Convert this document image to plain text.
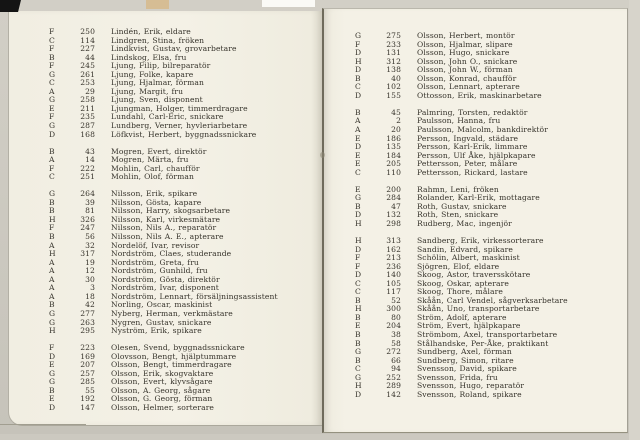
F	250 Lindén, Erik, eldare
C	114 Lindgren, Stina, fröken
F	227 Lindkvist, Gustav, grovarbetare
B	44 Lindskog, Elsa, fru
F	245 Ljung, Filip, bilreparatör
G	261 Ljung, Folke, kapare
C	253 Ljung, Hjalmar, förman
A	29 Ljung, Margit, fru
G	258 Ljung, Sven, disponent
E	211 Ljungman, Holger, timmerdragare
F	235 Lundahl, Carl-Eric, snickare
G	287 Lundberg, Verner, hyvleriarbetare
D	168 Löfkvist, Herbert, byggnadssnickare
B	43 Mogren, Evert, direktör
A	14 Mogren, Märta, fru
F	222 Mohlin, Carl, chaufför
C	251 Mohlin, Olof, förman
G	264 Nilsson, Erik, spikare
B	39 Nilsson, Gösta, kapare
B	81 Nilsson, Harry, skogsarbetare
H	326 Nilsson, Karl, virkesmätare
F	247 Nilsson, Nils A., reparatör
B	56 Nilsson, Nils A. E., apterare
A	32 Nordelöf, Ivar, revisor
H	317 Nordström, Claes, studerande
A	19 Nordström, Greta, fru
A	12 Nordström, Gunhild, fru
A	30 Nordström, Gösta, direktör
A	3 Nordström, Ivar, disponent
A	18 Nordström, Lennart, försäljningsassistent
B	42 Norling, Oscar, maskinist
G	277 Nyberg, Herman, verkmästare
G	263 Nygren, Gustav, snickare
H	295 Nyström, Erik, spikare
F	223 Olesen, Svend, byggnadssnickare
D	169 Olovsson, Bengt, hjälptummare
E	207 Olsson, Bengt, timmerdragare
G	257 Olsson, Erik, skogvaktare
G	285 Olsson, Evert, klyvsågare
B	55 Olsson, A. Georg, sågare
E	192 Olsson, G. Georg, förman
D	147 Olsson, Helmer, sorterare
G	275 Olsson, Herbert, montör
F	233 Olsson, Hjalmar, slipare
D	131 Olsson, Hugo, snickare
H	312 Olsson, John O., snickare
D	138 Olsson, John W., förman
B	40 Olsson, Konrad, chaufför
C	102 Olsson, Lennart, apterare
D	155 Ottosson, Erik, maskinarbetare
B	45 Palmring, Torsten, redaktör
A	2 Paulsson, Hanna, fru
A	20 Paulsson, Malcolm, bankdirektör
E	186 Persson, Ingvald, städare
D	135 Persson, Karl-Erik, limmare
E	184 Persson, Ulf Åke, hjälpkapare
E	205 Pettersson, Peter, målare
C	110 Pettersson, Rickard, lastare
E	200 Rahmn, Leni, fröken
G	284 Rolander, Karl-Erik, mottagare
B	47 Roth, Gustav, snickare
D	132 Roth, Sten, snickare
H	298 Rudberg, Mac, ingenjör
H	313 Sandberg, Erik, virkessorterare
D	162 Sandin, Edvard, spikare
F	213 Schölin, Albert, maskinist
F	236 Sjögren, Elof, eldare
D	140 Skoog, Astor, traversskötare
C	105 Skoog, Oskar, apterare
C	117 Skoog, Thore, målare
B	52 Skåån, Carl Vendel, sågverksarbetare
H	300 Skåån, Uno, transportarbetare
B	80 Ström, Adolf, apterare
E	204 Ström, Evert, hjälpkapare
B	38 Strömbom, Axel, transportarbetare
B	58 Stålhandske, Per-Åke, praktikant
G	272 Sundberg, Axel, förman
B	66 Sundberg, Simon, ritare
C	94 Svensson, David, spikare
G	252 Svensson, Frida, fru
H	289 Svensson, Hugo, reparatör
D	142 Svensson, Roland, spikare
